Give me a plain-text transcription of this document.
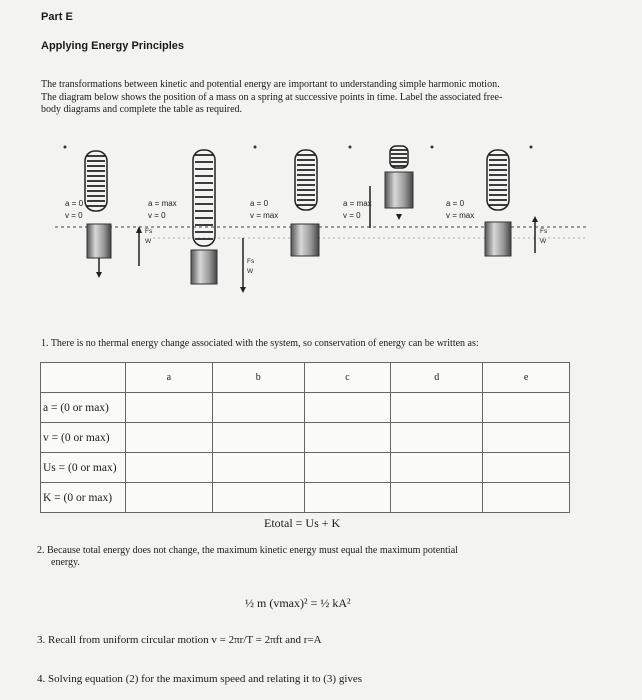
Part E
Applying Energy Principles
The transformations between kinetic and potential energy are important to understanding simple harmonic motion.
The diagram below shows the position of a mass on a spring at successive points in time. Label the associated free-
body diagrams and complete the table as required.
a = 0
v = 0
a = max
v = 0
a = 0
v = max
a = max
v = 0
a = 0
v = max
Fs
W
Fs
W
Fs
W
1. There is no thermal energy change associated with the system, so conservation of energy can be written as:
	a	b	c	d	e
a = (0 or max)					
v = (0 or max)					
Us = (0 or max)					
K = (0 or max)					
Etotal = Us + K
2. Because total energy does not change, the maximum kinetic energy must equal the maximum potential
energy.
½ m (vmax)² = ½ kA²
3. Recall from uniform circular motion v = 2πr/T = 2πft and r=A
4. Solving equation (2) for the maximum speed and relating it to (3) gives
